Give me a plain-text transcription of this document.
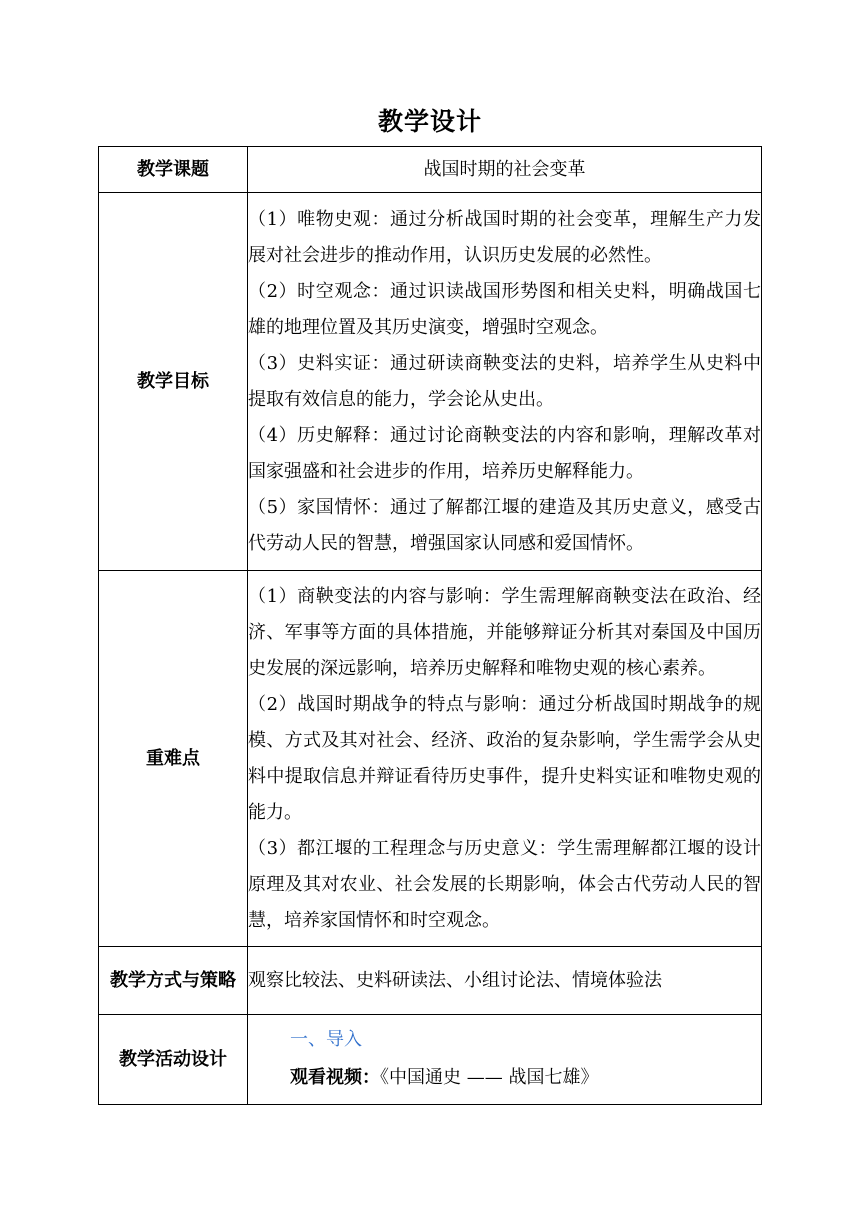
教学设计
教学课题	战国时期的社会变革
教学目标	（1）唯物史观：通过分析战国时期的社会变革，理解生产力发展对社会进步的推动作用，认识历史发展的必然性。

（2）时空观念：通过识读战国形势图和相关史料，明确战国七雄的地理位置及其历史演变，增强时空观念。

（3）史料实证：通过研读商鞅变法的史料，培养学生从史料中提取有效信息的能力，学会论从史出。

（4）历史解释：通过讨论商鞅变法的内容和影响，理解改革对国家强盛和社会进步的作用，培养历史解释能力。

（5）家国情怀：通过了解都江堰的建造及其历史意义，感受古代劳动人民的智慧，增强国家认同感和爱国情怀。

重难点	（1）商鞅变法的内容与影响：学生需理解商鞅变法在政治、经济、军事等方面的具体措施，并能够辩证分析其对秦国及中国历史发展的深远影响，培养历史解释和唯物史观的核心素养。

（2）战国时期战争的特点与影响：通过分析战国时期战争的规模、方式及其对社会、经济、政治的复杂影响，学生需学会从史料中提取信息并辩证看待历史事件，提升史料实证和唯物史观的能力。

（3）都江堰的工程理念与历史意义：学生需理解都江堰的设计原理及其对农业、社会发展的长期影响，体会古代劳动人民的智慧，培养家国情怀和时空观念。

教学方式与策略	观察比较法、史料研读法、小组讨论法、情境体验法
教学活动设计	一、导入
观看视频：《中国通史 —— 战国七雄》
